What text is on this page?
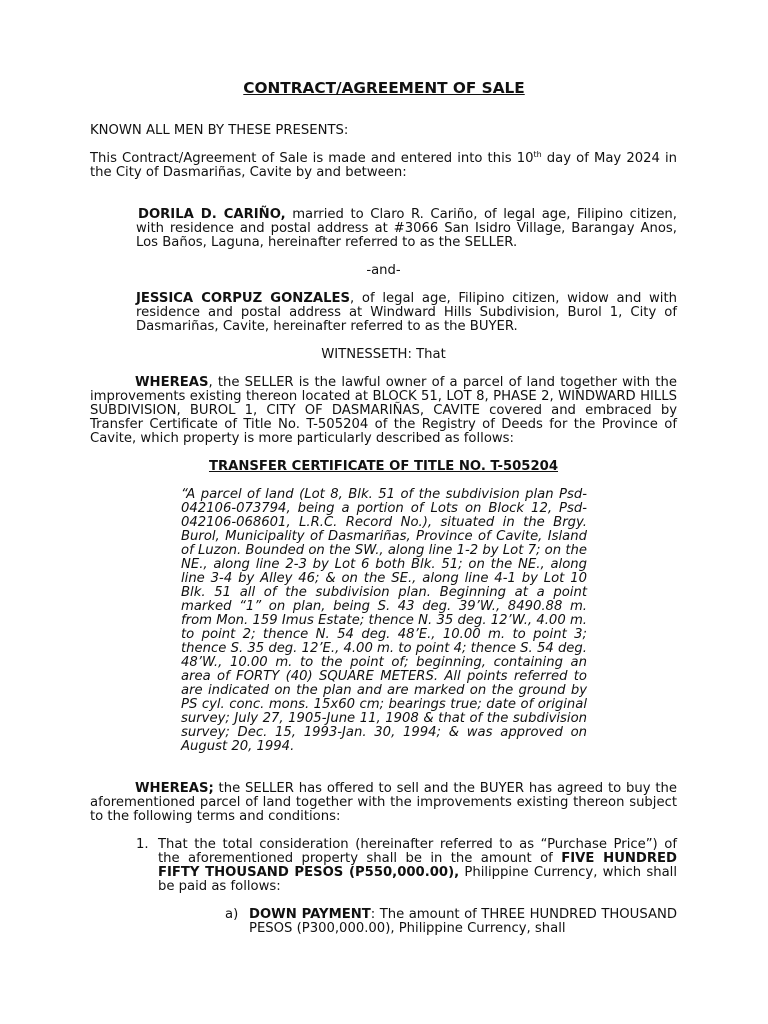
CONTRACT/AGREEMENT OF SALE
KNOWN ALL MEN BY THESE PRESENTS:
This Contract/Agreement of Sale is made and entered into this 10th day of May 2024 in the City of Dasmariñas, Cavite by and between:
DORILA D. CARIÑO, married to Claro R. Cariño, of legal age, Filipino citizen, with residence and postal address at #3066 San Isidro Village, Barangay Anos, Los Baños, Laguna, hereinafter referred to as the SELLER.
-and-
JESSICA CORPUZ GONZALES, of legal age, Filipino citizen, widow and with residence and postal address at Windward Hills Subdivision, Burol 1, City of Dasmariñas, Cavite, hereinafter referred to as the BUYER.
WITNESSETH: That
WHEREAS, the SELLER is the lawful owner of a parcel of land together with the improvements existing thereon located at BLOCK 51, LOT 8, PHASE 2, WINDWARD HILLS SUBDIVISION, BUROL 1, CITY OF DASMARIÑAS, CAVITE covered and embraced by Transfer Certificate of Title No. T-505204 of the Registry of Deeds for the Province of Cavite, which property is more particularly described as follows:
TRANSFER CERTIFICATE OF TITLE NO. T-505204
“A parcel of land (Lot 8, Blk. 51 of the subdivision plan Psd-042106-073794, being a portion of Lots on Block 12, Psd-042106-068601, L.R.C. Record No.), situated in the Brgy. Burol, Municipality of Dasmariñas, Province of Cavite, Island of Luzon. Bounded on the SW., along line 1-2 by Lot 7; on the NE., along line 2-3 by Lot 6 both Blk. 51; on the NE., along line 3-4 by Alley 46; & on the SE., along line 4-1 by Lot 10 Blk. 51 all of the subdivision plan. Beginning at a point marked “1” on plan, being S. 43 deg. 39’W., 8490.88 m. from Mon. 159 Imus Estate; thence N. 35 deg. 12’W., 4.00 m. to point 2; thence N. 54 deg. 48’E., 10.00 m. to point 3; thence S. 35 deg. 12’E., 4.00 m. to point 4; thence S. 54 deg. 48’W., 10.00 m. to the point of; beginning, containing an area of FORTY (40) SQUARE METERS. All points referred to are indicated on the plan and are marked on the ground by PS cyl. conc. mons. 15x60 cm; bearings true; date of original survey; July 27, 1905-June 11, 1908 & that of the subdivision survey; Dec. 15, 1993-Jan. 30, 1994; & was approved on August 20, 1994.
WHEREAS; the SELLER has offered to sell and the BUYER has agreed to buy the aforementioned parcel of land together with the improvements existing thereon subject to the following terms and conditions:
1. That the total consideration (hereinafter referred to as “Purchase Price”) of the aforementioned property shall be in the amount of FIVE HUNDRED FIFTY THOUSAND PESOS (P550,000.00), Philippine Currency, which shall be paid as follows:
a) DOWN PAYMENT: The amount of THREE HUNDRED THOUSAND PESOS (P300,000.00), Philippine Currency, shall
